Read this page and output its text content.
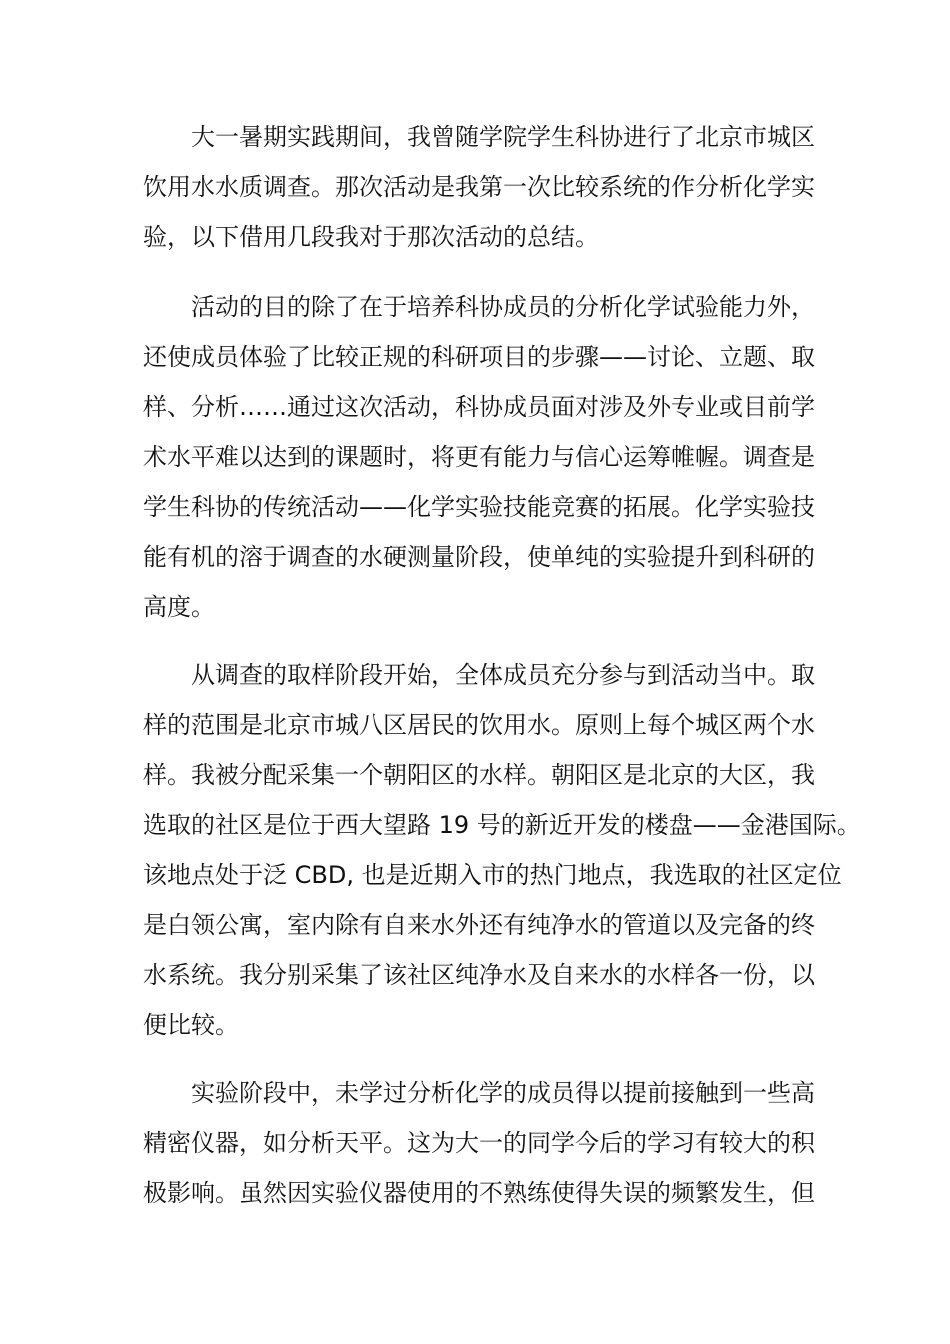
大一暑期实践期间，我曾随学院学生科协进行了北京市城区
饮用水水质调查。那次活动是我第一次比较系统的作分析化学实
验，以下借用几段我对于那次活动的总结。
活动的目的除了在于培养科协成员的分析化学试验能力外，
还使成员体验了比较正规的科研项目的步骤——讨论、立题、取
样、分析……通过这次活动，科协成员面对涉及外专业或目前学
术水平难以达到的课题时，将更有能力与信心运筹帷幄。调查是
学生科协的传统活动——化学实验技能竞赛的拓展。化学实验技
能有机的溶于调查的水硬测量阶段，使单纯的实验提升到科研的
高度。
从调查的取样阶段开始，全体成员充分参与到活动当中。取
样的范围是北京市城八区居民的饮用水。原则上每个城区两个水
样。我被分配采集一个朝阳区的水样。朝阳区是北京的大区，我
选取的社区是位于西大望路 19 号的新近开发的楼盘——金港国际。
该地点处于泛 CBD, 也是近期入市的热门地点，我选取的社区定位
是白领公寓，室内除有自来水外还有纯净水的管道以及完备的终
水系统。我分别采集了该社区纯净水及自来水的水样各一份，以
便比较。
实验阶段中，未学过分析化学的成员得以提前接触到一些高
精密仪器，如分析天平。这为大一的同学今后的学习有较大的积
极影响。虽然因实验仪器使用的不熟练使得失误的频繁发生，但
